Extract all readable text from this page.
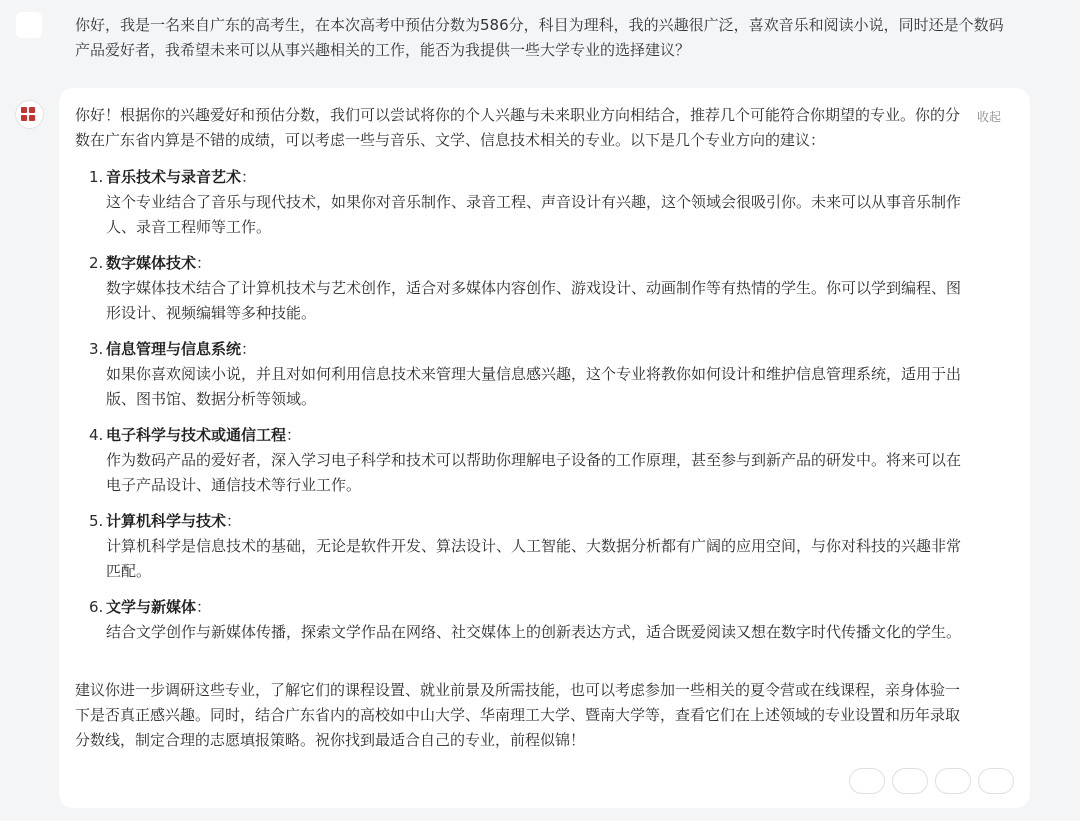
你好，我是一名来自广东的高考生，在本次高考中预估分数为586分，科目为理科，我的兴趣很广泛，喜欢音乐和阅读小说，同时还是个数码产品爱好者，我希望未来可以从事兴趣相关的工作，能否为我提供一些大学专业的选择建议？

收起

你好！根据你的兴趣爱好和预估分数，我们可以尝试将你的个人兴趣与未来职业方向相结合，推荐几个可能符合你期望的专业。你的分数在广东省内算是不错的成绩，可以考虑一些与音乐、文学、信息技术相关的专业。以下是几个专业方向的建议：

1. 音乐技术与录音艺术：
这个专业结合了音乐与现代技术，如果你对音乐制作、录音工程、声音设计有兴趣，这个领域会很吸引你。未来可以从事音乐制作人、录音工程师等工作。
2. 数字媒体技术：
数字媒体技术结合了计算机技术与艺术创作，适合对多媒体内容创作、游戏设计、动画制作等有热情的学生。你可以学到编程、图形设计、视频编辑等多种技能。
3. 信息管理与信息系统：
如果你喜欢阅读小说，并且对如何利用信息技术来管理大量信息感兴趣，这个专业将教你如何设计和维护信息管理系统，适用于出版、图书馆、数据分析等领域。
4. 电子科学与技术或通信工程：
作为数码产品的爱好者，深入学习电子科学和技术可以帮助你理解电子设备的工作原理，甚至参与到新产品的研发中。将来可以在电子产品设计、通信技术等行业工作。
5. 计算机科学与技术：
计算机科学是信息技术的基础，无论是软件开发、算法设计、人工智能、大数据分析都有广阔的应用空间，与你对科技的兴趣非常匹配。
6. 文学与新媒体：
结合文学创作与新媒体传播，探索文学作品在网络、社交媒体上的创新表达方式，适合既爱阅读又想在数字时代传播文化的学生。

建议你进一步调研这些专业，了解它们的课程设置、就业前景及所需技能，也可以考虑参加一些相关的夏令营或在线课程，亲身体验一下是否真正感兴趣。同时，结合广东省内的高校如中山大学、华南理工大学、暨南大学等，查看它们在上述领域的专业设置和历年录取分数线，制定合理的志愿填报策略。祝你找到最适合自己的专业，前程似锦！
